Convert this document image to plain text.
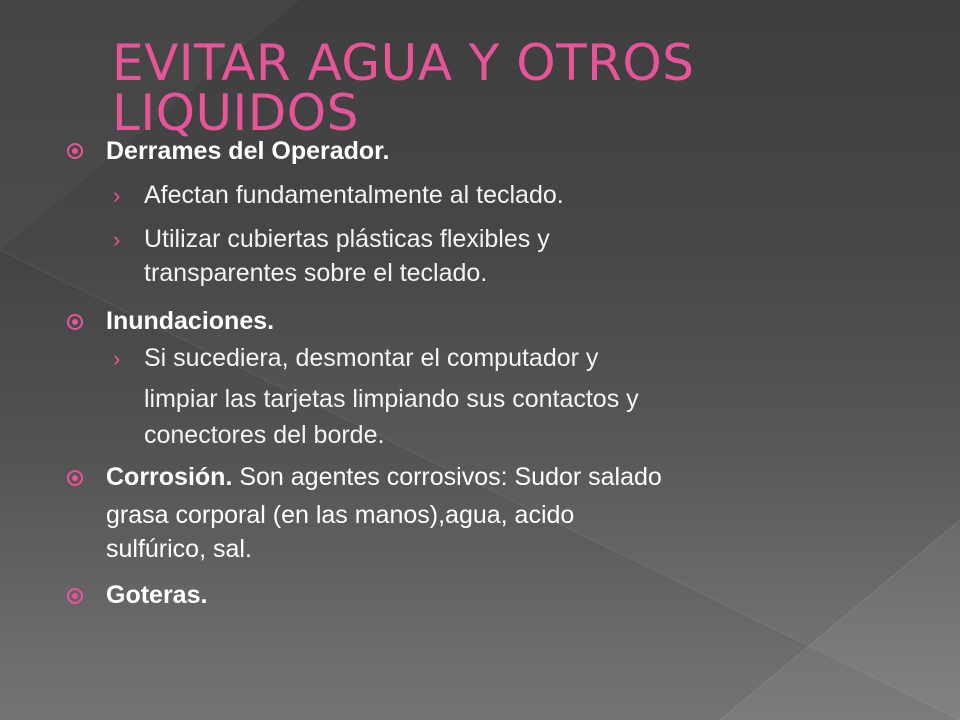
EVITAR AGUA Y OTROS LIQUIDOS
Derrames del Operador.
› Afectan fundamentalmente al teclado.
› Utilizar cubiertas plásticas flexibles y
transparentes sobre el teclado.
Inundaciones.
› Si sucediera, desmontar el computador y
limpiar las tarjetas limpiando sus contactos y
conectores del borde.
Corrosión. Son agentes corrosivos: Sudor salado
grasa corporal (en las manos),agua, acido
sulfúrico, sal.
Goteras.
